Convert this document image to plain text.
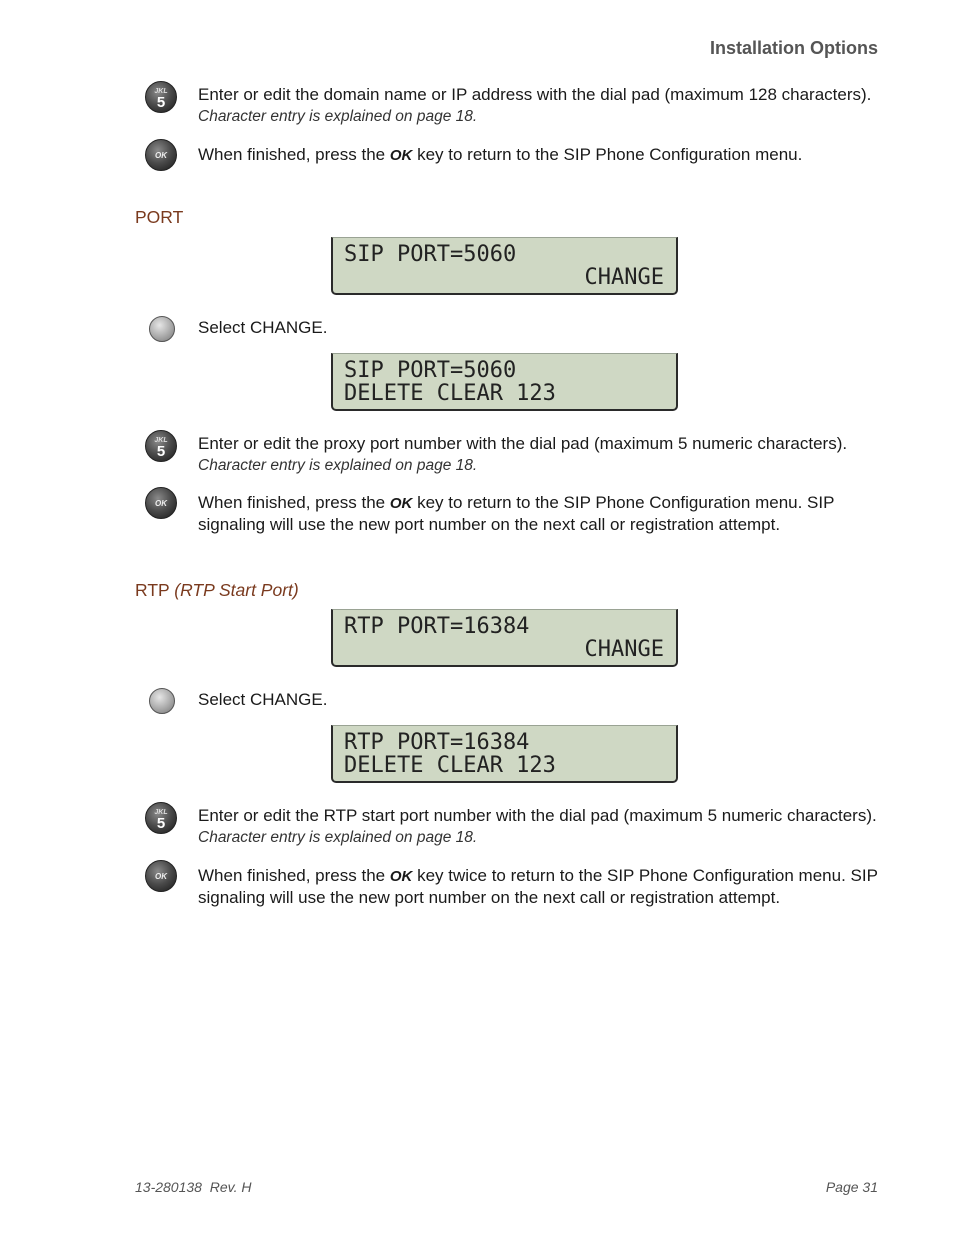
Installation Options
JKL
5 Enter or edit the domain name or IP address with the dial pad (maximum 128 characters). Character entry is explained on page 18.
OK When finished, press the OK key to return to the SIP Phone Configuration menu.
PORT
SIP PORT=5060
CHANGE
Select CHANGE.
SIP PORT=5060
DELETE CLEAR 123
JKL
5 Enter or edit the proxy port number with the dial pad (maximum 5 numeric characters). Character entry is explained on page 18.
OK When finished, press the OK key to return to the SIP Phone Configuration menu. SIP signaling will use the new port number on the next call or registration attempt.
RTP (RTP Start Port)
RTP PORT=16384
CHANGE
Select CHANGE.
RTP PORT=16384
DELETE CLEAR 123
JKL
5 Enter or edit the RTP start port number with the dial pad (maximum 5 numeric characters). Character entry is explained on page 18.
OK When finished, press the OK key twice to return to the SIP Phone Configuration menu. SIP signaling will use the new port number on the next call or registration attempt.
13-280138  Rev. H	Page 31
